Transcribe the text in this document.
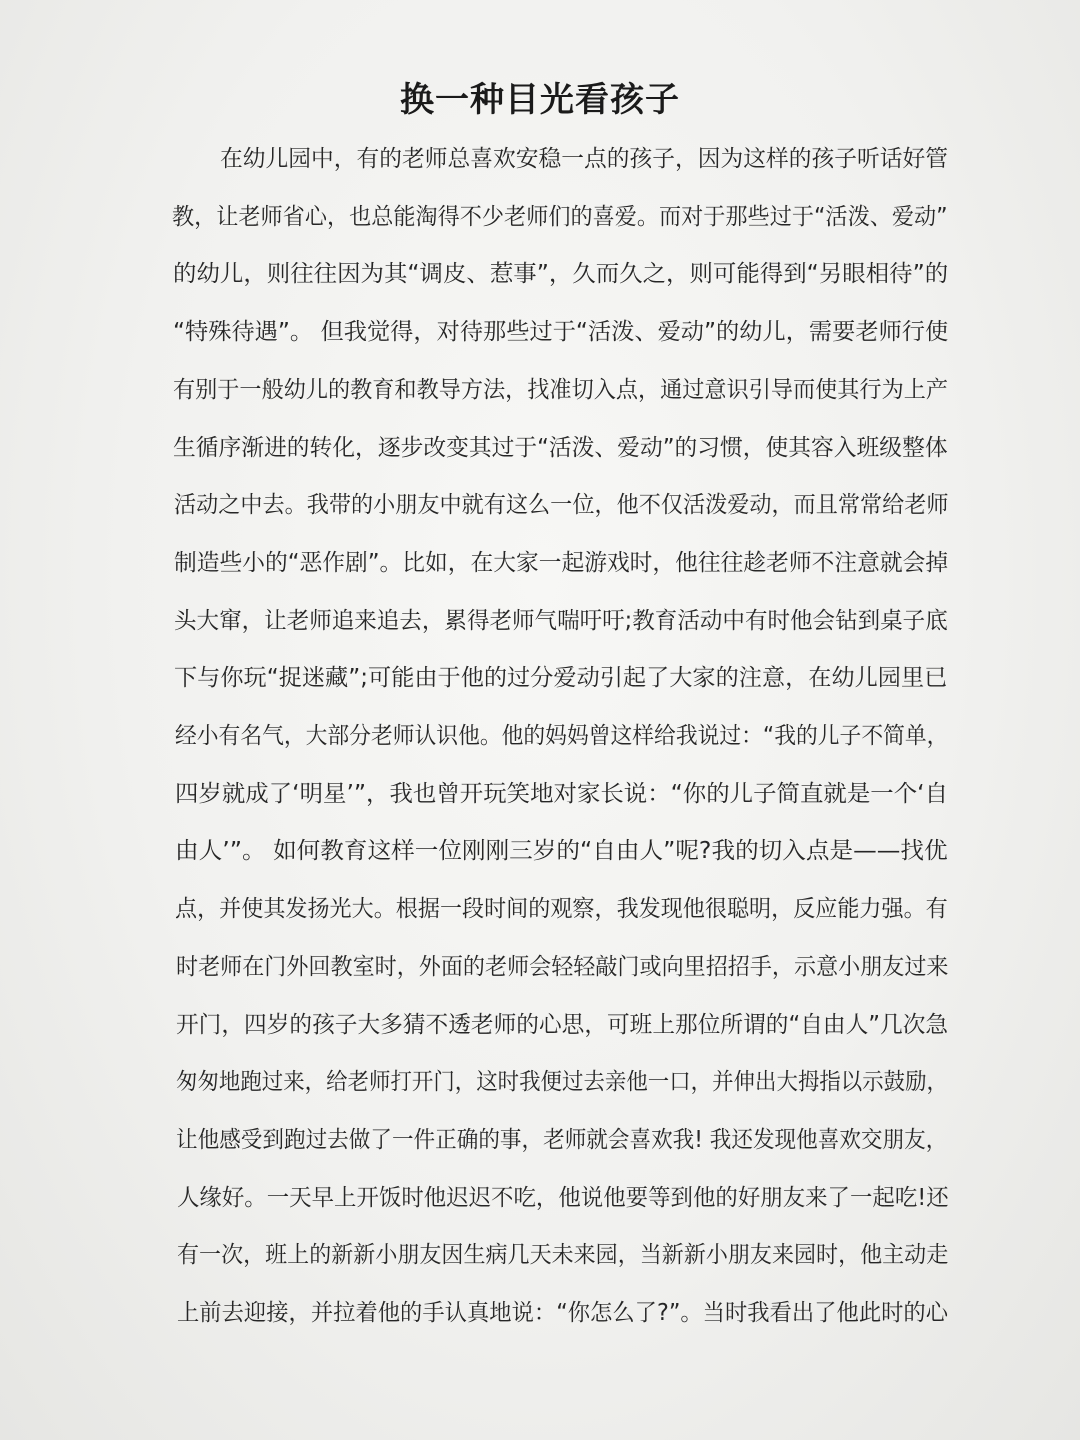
换一种目光看孩子
在幼儿园中，有的老师总喜欢安稳一点的孩子，因为这样的孩子听话好管
教，让老师省心，也总能淘得不少老师们的喜爱。而对于那些过于“活泼、爱动”
的幼儿，则往往因为其“调皮、惹事”，久而久之，则可能得到“另眼相待”的
“特殊待遇”。 但我觉得，对待那些过于“活泼、爱动”的幼儿，需要老师行使
有别于一般幼儿的教育和教导方法，找准切入点，通过意识引导而使其行为上产
生循序渐进的转化，逐步改变其过于“活泼、爱动”的习惯，使其容入班级整体
活动之中去。我带的小朋友中就有这么一位，他不仅活泼爱动，而且常常给老师
制造些小的“恶作剧”。比如，在大家一起游戏时，他往往趁老师不注意就会掉
头大窜，让老师追来追去，累得老师气喘吁吁;教育活动中有时他会钻到桌子底
下与你玩“捉迷藏”;可能由于他的过分爱动引起了大家的注意，在幼儿园里已
经小有名气，大部分老师认识他。他的妈妈曾这样给我说过：“我的儿子不简单，
四岁就成了‘明星’”，我也曾开玩笑地对家长说：“你的儿子简直就是一个‘自
由人’”。 如何教育这样一位刚刚三岁的“自由人”呢?我的切入点是——找优
点，并使其发扬光大。根据一段时间的观察，我发现他很聪明，反应能力强。有
时老师在门外回教室时，外面的老师会轻轻敲门或向里招招手，示意小朋友过来
开门，四岁的孩子大多猜不透老师的心思，可班上那位所谓的“自由人”几次急
匆匆地跑过来，给老师打开门，这时我便过去亲他一口，并伸出大拇指以示鼓励，
让他感受到跑过去做了一件正确的事，老师就会喜欢我! 我还发现他喜欢交朋友，
人缘好。一天早上开饭时他迟迟不吃，他说他要等到他的好朋友来了一起吃!还
有一次，班上的新新小朋友因生病几天未来园，当新新小朋友来园时，他主动走
上前去迎接，并拉着他的手认真地说：“你怎么了?”。当时我看出了他此时的心
